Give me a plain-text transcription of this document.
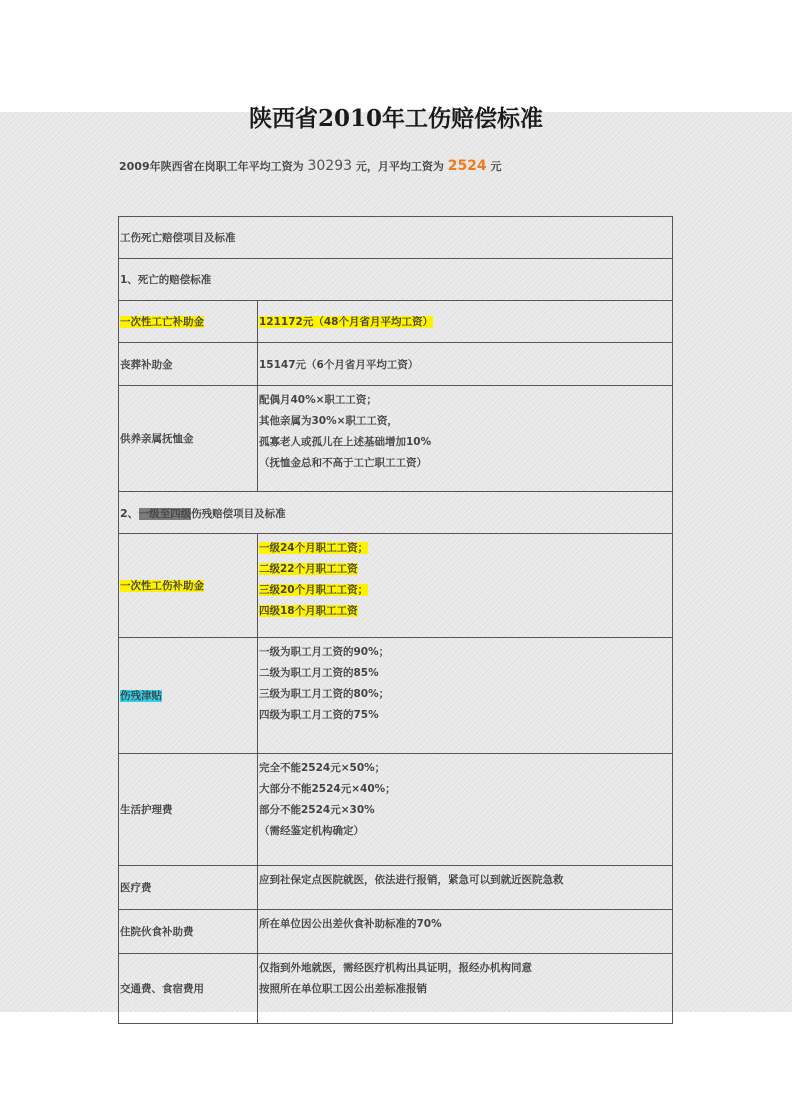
陕西省2010年工伤赔偿标准
2009年陕西省在岗职工年平均工资为 30293 元，月平均工资为 2524 元
工伤死亡赔偿项目及标准	
1、死亡的赔偿标准	
一次性工亡补助金	121172元（48个月省月平均工资）
丧葬补助金	15147元（6个月省月平均工资）
供养亲属抚恤金	配偶月40%×职工工资；
其他亲属为30%×职工工资，
孤寡老人或孤儿在上述基础增加10%
（抚恤金总和不高于工亡职工工资）

2、一级至四级伤残赔偿项目及标准	
一次性工伤补助金	一级24个月职工工资；
二级22个月职工工资
三级20个月职工工资；
四级18个月职工工资

伤残津贴	一级为职工月工资的90%；
二级为职工月工资的85%
三级为职工月工资的80%；
四级为职工月工资的75%

生活护理费	完全不能2524元×50%；
大部分不能2524元×40%；
部分不能2524元×30%
（需经鉴定机构确定）

医疗费	应到社保定点医院就医，依法进行报销，紧急可以到就近医院急救

住院伙食补助费	所在单位因公出差伙食补助标准的70%

交通费、食宿费用	仅指到外地就医，需经医疗机构出具证明，报经办机构同意
按照所在单位职工因公出差标准报销
